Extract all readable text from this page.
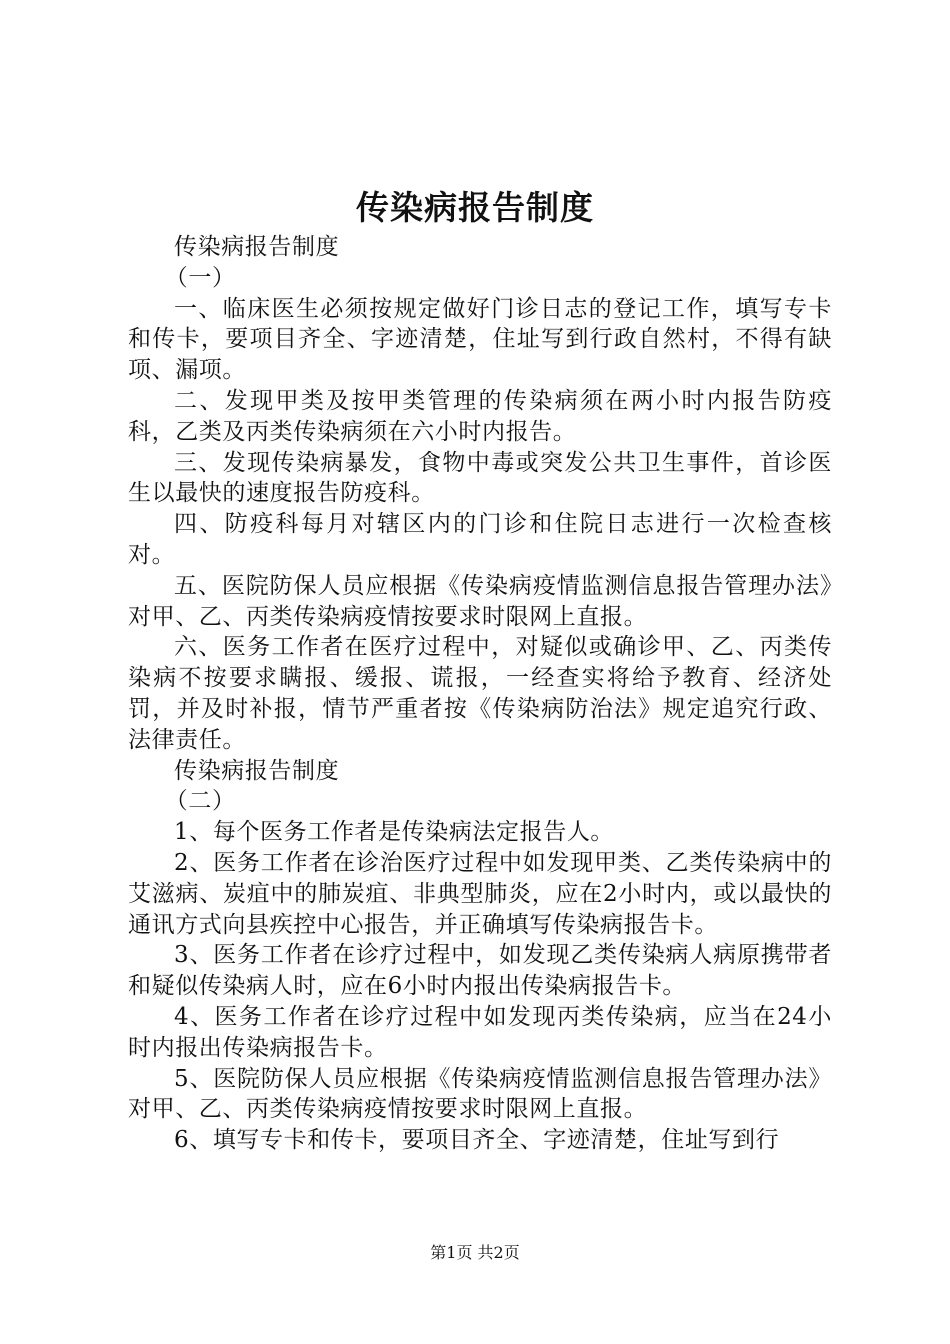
传染病报告制度

传染病报告制度

（一）

一、临床医生必须按规定做好门诊日志的登记工作，填写专卡和传卡，要项目齐全、字迹清楚，住址写到行政自然村，不得有缺项、漏项。

二、发现甲类及按甲类管理的传染病须在两小时内报告防疫科，乙类及丙类传染病须在六小时内报告。

三、发现传染病暴发，食物中毒或突发公共卫生事件，首诊医生以最快的速度报告防疫科。

四、防疫科每月对辖区内的门诊和住院日志进行一次检查核对。

五、医院防保人员应根据《传染病疫情监测信息报告管理办法》对甲、乙、丙类传染病疫情按要求时限网上直报。

六、医务工作者在医疗过程中，对疑似或确诊甲、乙、丙类传染病不按要求瞒报、缓报、谎报，一经查实将给予教育、经济处罚，并及时补报，情节严重者按《传染病防治法》规定追究行政、法律责任。

传染病报告制度

（二）

1、每个医务工作者是传染病法定报告人。

2、医务工作者在诊治医疗过程中如发现甲类、乙类传染病中的艾滋病、炭疽中的肺炭疽、非典型肺炎，应在2小时内，或以最快的通讯方式向县疾控中心报告，并正确填写传染病报告卡。

3、医务工作者在诊疗过程中，如发现乙类传染病人病原携带者和疑似传染病人时，应在6小时内报出传染病报告卡。

4、医务工作者在诊疗过程中如发现丙类传染病，应当在24小时内报出传染病报告卡。

5、医院防保人员应根据《传染病疫情监测信息报告管理办法》对甲、乙、丙类传染病疫情按要求时限网上直报。

6、填写专卡和传卡，要项目齐全、字迹清楚，住址写到行

第1页 共2页
